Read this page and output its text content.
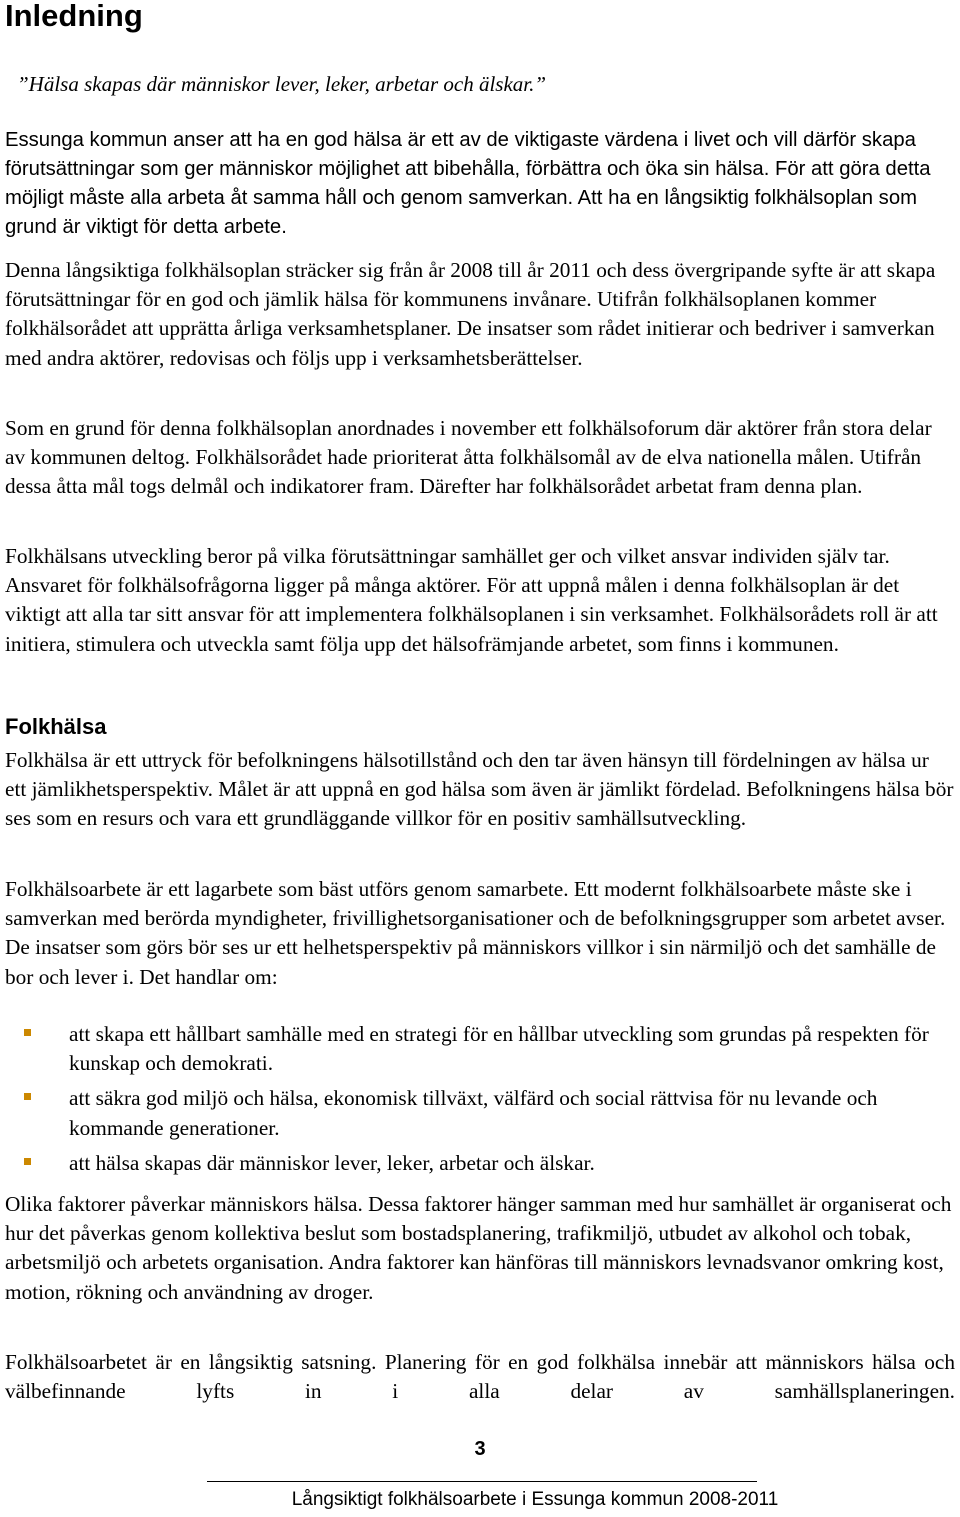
Inledning
”Hälsa skapas där människor lever, leker, arbetar och älskar.”

Essunga kommun anser att ha en god hälsa är ett av de viktigaste värdena i livet och vill därför skapa förutsättningar som ger människor möjlighet att bibehålla, förbättra och öka sin hälsa. För att göra detta möjligt måste alla arbeta åt samma håll och genom samverkan. Att ha en långsiktig folkhälsoplan som grund är viktigt för detta arbete.

Denna långsiktiga folkhälsoplan sträcker sig från år 2008 till år 2011 och dess övergripande syfte är att skapa förutsättningar för en god och jämlik hälsa för kommunens invånare. Utifrån folkhälsoplanen kommer folkhälsorådet att upprätta årliga verksamhetsplaner. De insatser som rådet initierar och bedriver i samverkan med andra aktörer, redovisas och följs upp i verksamhetsberättelser.

Som en grund för denna folkhälsoplan anordnades i november ett folkhälsoforum där aktörer från stora delar av kommunen deltog. Folkhälsorådet hade prioriterat åtta folkhälsomål av de elva nationella målen. Utifrån dessa åtta mål togs delmål och indikatorer fram. Därefter har folkhälsorådet arbetat fram denna plan.

Folkhälsans utveckling beror på vilka förutsättningar samhället ger och vilket ansvar individen själv tar. Ansvaret för folkhälsofrågorna ligger på många aktörer. För att uppnå målen i denna folkhälsoplan är det viktigt att alla tar sitt ansvar för att implementera folkhälsoplanen i sin verksamhet. Folkhälsorådets roll är att initiera, stimulera och utveckla samt följa upp det hälsofrämjande arbetet, som finns i kommunen.

Folkhälsa

Folkhälsa är ett uttryck för befolkningens hälsotillstånd och den tar även hänsyn till fördelningen av hälsa ur ett jämlikhetsperspektiv. Målet är att uppnå en god hälsa som även är jämlikt fördelad. Befolkningens hälsa bör ses som en resurs och vara ett grundläggande villkor för en positiv samhällsutveckling.

Folkhälsoarbete är ett lagarbete som bäst utförs genom samarbete. Ett modernt folkhälsoarbete måste ske i samverkan med berörda myndigheter, frivillighetsorganisationer och de befolkningsgrupper som arbetet avser. De insatser som görs bör ses ur ett helhetsperspektiv på människors villkor i sin närmiljö och det samhälle de bor och lever i. Det handlar om:

att skapa ett hållbart samhälle med en strategi för en hållbar utveckling som grundas på respekten för kunskap och demokrati.
att säkra god miljö och hälsa, ekonomisk tillväxt, välfärd och social rättvisa för nu levande och kommande generationer.
att hälsa skapas där människor lever, leker, arbetar och älskar.

Olika faktorer påverkar människors hälsa. Dessa faktorer hänger samman med hur samhället är organiserat och hur det påverkas genom kollektiva beslut som bostadsplanering, trafikmiljö, utbudet av alkohol och tobak, arbetsmiljö och arbetets organisation. Andra faktorer kan hänföras till människors levnadsvanor omkring kost, motion, rökning och användning av droger.

Folkhälsoarbetet är en långsiktig satsning. Planering för en god folkhälsa innebär att människors hälsa och välbefinnande lyfts in i alla delar av samhällsplaneringen.

3
Långsiktigt folkhälsoarbete i Essunga kommun 2008-2011
